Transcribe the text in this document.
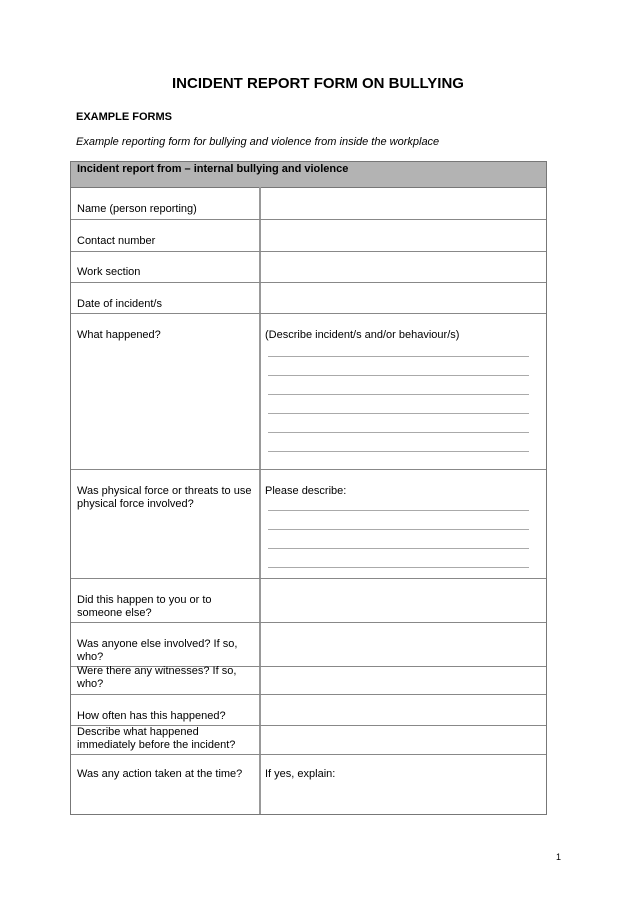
INCIDENT REPORT FORM ON BULLYING
EXAMPLE FORMS
Example reporting form for bullying and violence from inside the workplace
Incident report from – internal bullying and violence
Name (person reporting)
Contact number
Work section
Date of incident/s
What happened?	(Describe incident/s and/or behaviour/s)
Was physical force or threats to use physical force involved?
Please describe:
Did this happen to you or to someone else?
Was anyone else involved? If so, who?
Were there any witnesses? If so, who?
How often has this happened?
Describe what happened immediately before the incident?
Was any action taken at the time? If yes, explain:
1
